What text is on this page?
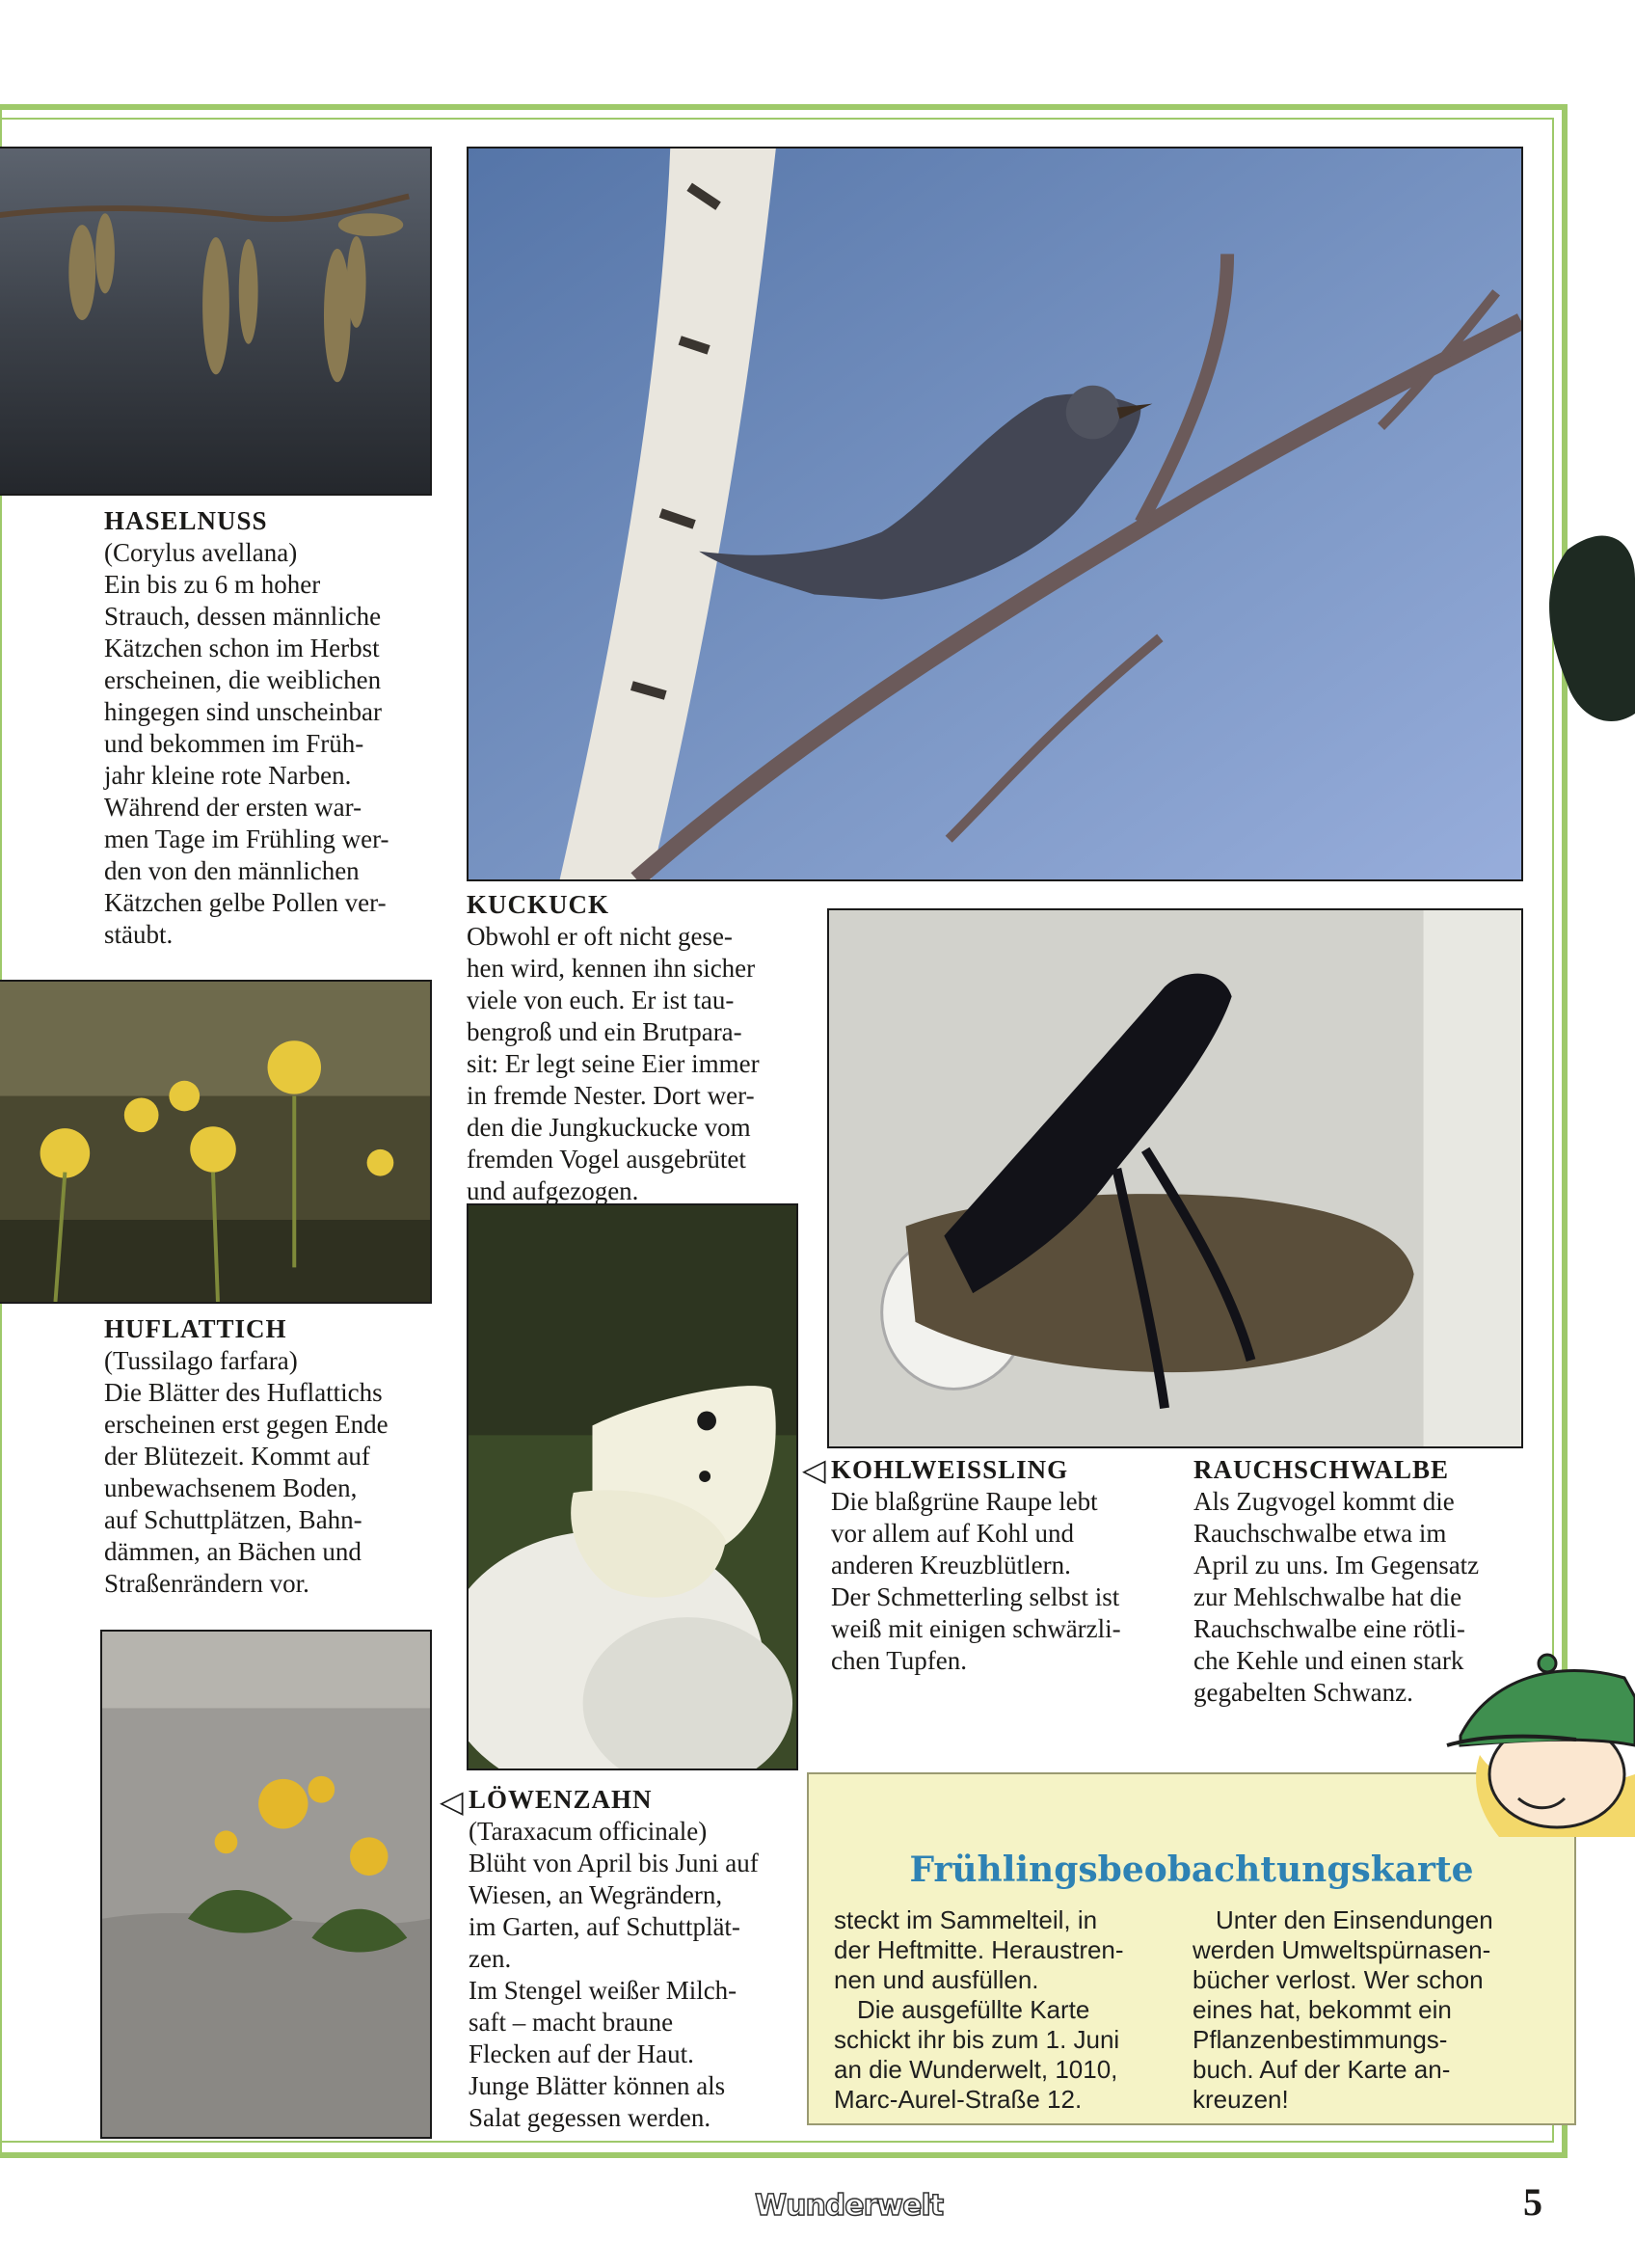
HASELNUSS

(Corylus avellana)

Ein bis zu 6 m hoher

Strauch, dessen männliche

Kätzchen schon im Herbst

erscheinen, die weiblichen

hingegen sind unscheinbar

und bekommen im Früh-

jahr kleine rote Narben.

Während der ersten war-

men Tage im Frühling wer-

den von den männlichen

Kätzchen gelbe Pollen ver-

stäubt.

KUCKUCK

Obwohl er oft nicht gese-

hen wird, kennen ihn sicher

viele von euch. Er ist tau-

bengroß und ein Brutpara-

sit: Er legt seine Eier immer

in fremde Nester. Dort wer-

den die Jungkuckucke vom

fremden Vogel ausgebrütet

und aufgezogen.

HUFLATTICH

(Tussilago farfara)

Die Blätter des Huflattichs

erscheinen erst gegen Ende

der Blütezeit. Kommt auf

unbewachsenem Boden,

auf Schuttplätzen, Bahn-

dämmen, an Bächen und

Straßenrändern vor.

◁ KOHLWEISSLING

Die blaßgrüne Raupe lebt

vor allem auf Kohl und

anderen Kreuzblütlern.

Der Schmetterling selbst ist

weiß mit einigen schwärzli-

chen Tupfen.

RAUCHSCHWALBE

Als Zugvogel kommt die

Rauchschwalbe etwa im

April zu uns. Im Gegensatz

zur Mehlschwalbe hat die

Rauchschwalbe eine rötli-

che Kehle und einen stark

gegabelten Schwanz.

◁ LÖWENZAHN

(Taraxacum officinale)

Blüht von April bis Juni auf

Wiesen, an Wegrändern,

im Garten, auf Schuttplät-

zen.

Im Stengel weißer Milch-

saft – macht braune

Flecken auf der Haut.

Junge Blätter können als

Salat gegessen werden.

Frühlingsbeobachtungskarte
steckt im Sammelteil, in
der Heftmitte. Heraustren-
nen und ausfüllen.
Die ausgefüllte Karte
schickt ihr bis zum 1. Juni
an die Wunderwelt, 1010,
Marc-Aurel-Straße 12.
Unter den Einsendungen
werden Umweltspürnasen-
bücher verlost. Wer schon
eines hat, bekommt ein
Pflanzenbestimmungs-
buch. Auf der Karte an-
kreuzen!
Wunderwelt	5
